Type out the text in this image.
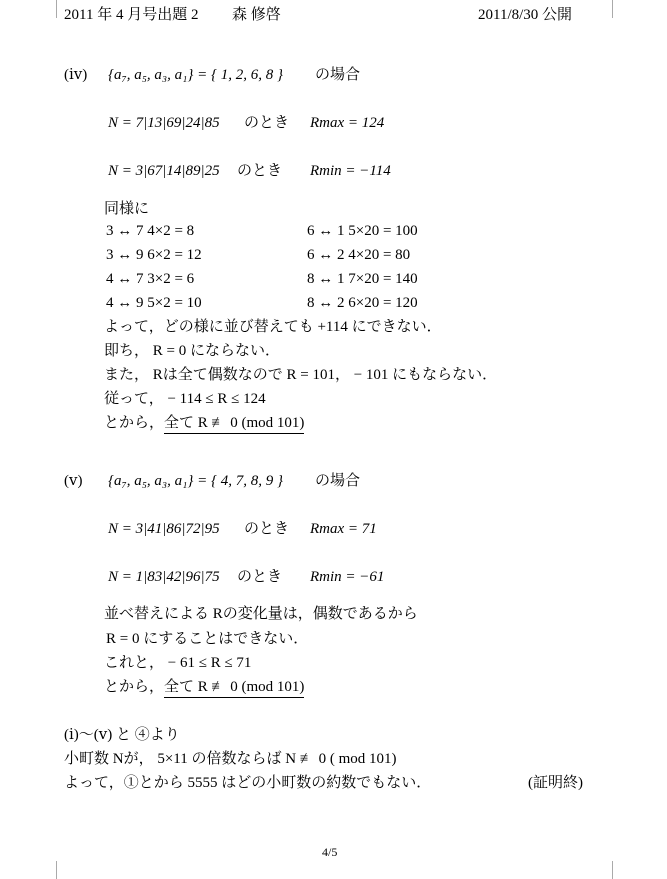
2011 年 4 月号出題 2 森 修啓	2011/8/30 公開
(ⅳ) {a₇, a₅, a₃, a₁} = { 1, 2, 6, 8 } の場合
N = 7|13|69|24|85 のとき Rmax = 124
N = 3|67|14|89|25 のとき Rmin = −114
同様に
3 ↔ 7 4×2 = 8
3 ↔ 9 6×2 = 12
4 ↔ 7 3×2 = 6
4 ↔ 9 5×2 = 10
6 ↔ 1 5×20 = 100
6 ↔ 2 4×20 = 80
8 ↔ 1 7×20 = 140
8 ↔ 2 6×20 = 120
よって，どの様に並び替えても +114 にできない．
即ち， R = 0 にならない．
また， Rは全て偶数なので R = 101， − 101 にもならない．
従って， − 114 ≤ R ≤ 124
とから，全て R ≢ 0 (mod 101)
(ⅴ) {a₇, a₅, a₃, a₁} = { 4, 7, 8, 9 } の場合
N = 3|41|86|72|95 のとき Rmax = 71
N = 1|83|42|96|75 のとき Rmin = −61
並べ替えによる Rの変化量は，偶数であるから
R = 0 にすることはできない．
これと， − 61 ≤ R ≤ 71
とから，全て R ≢ 0 (mod 101)
(ⅰ)〜(ⅴ) と ④より
小町数 Nが， 5×11 の倍数ならば N ≢ 0 ( mod 101)
よって，①とから 5555 はどの小町数の約数でもない．	(証明終)
4/5
